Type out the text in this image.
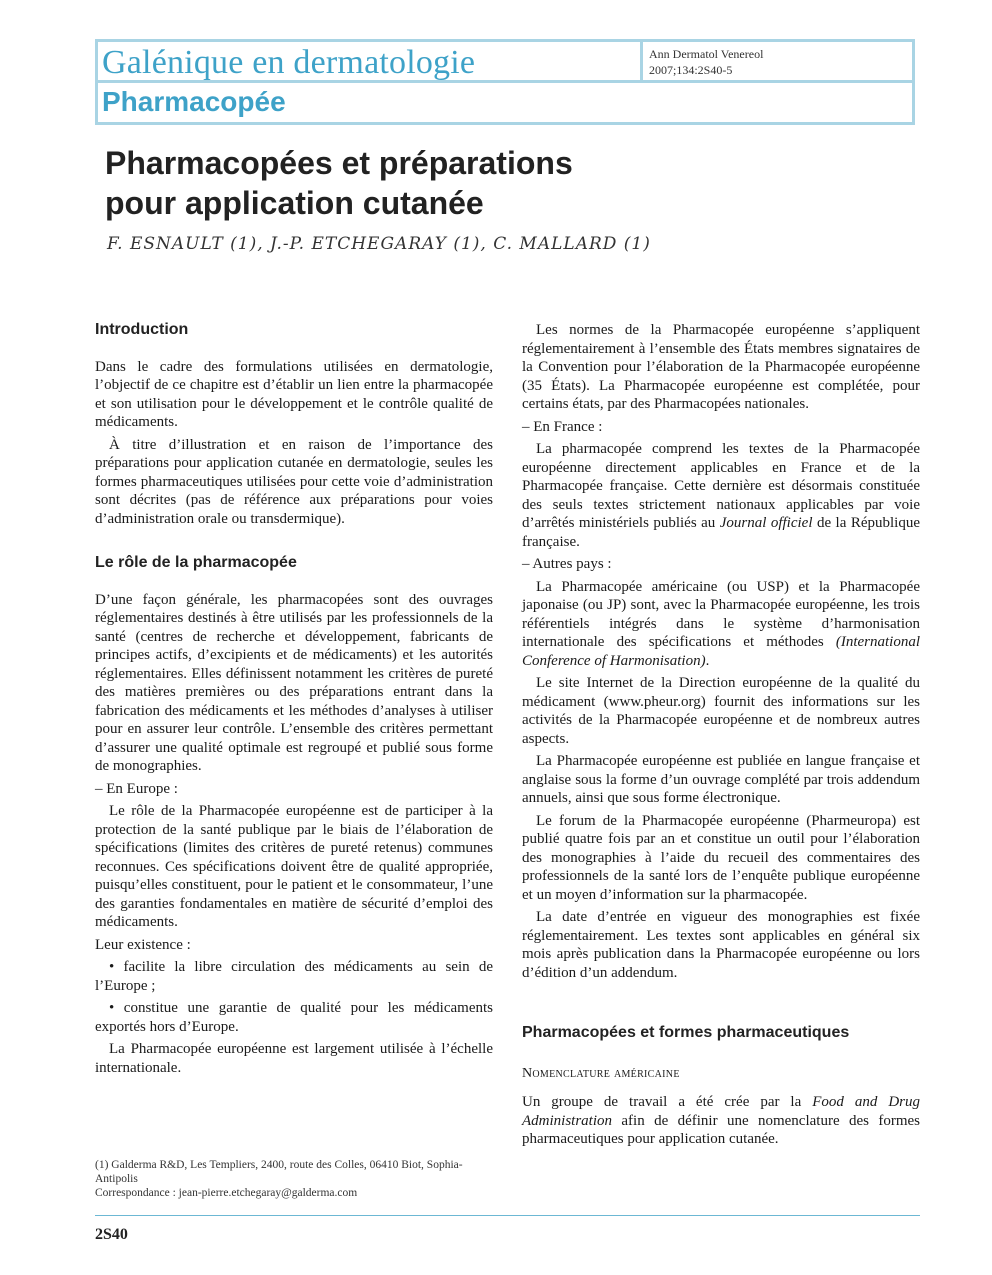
Galénique en dermatologie	Ann Dermatol Venereol
2007;134:2S40-5
Pharmacopée
Pharmacopées et préparations
pour application cutanée
F. ESNAULT (1), J.-P. ETCHEGARAY (1), C. MALLARD (1)
Introduction

Dans le cadre des formulations utilisées en dermatologie, l’objectif de ce chapitre est d’établir un lien entre la pharmacopée et son utilisation pour le développement et le contrôle qualité de médicaments.

À titre d’illustration et en raison de l’importance des préparations pour application cutanée en dermatologie, seules les formes pharmaceutiques utilisées pour cette voie d’administration sont décrites (pas de référence aux préparations pour voies d’administration orale ou transdermique).

Le rôle de la pharmacopée

D’une façon générale, les pharmacopées sont des ouvrages réglementaires destinés à être utilisés par les professionnels de la santé (centres de recherche et développement, fabricants de principes actifs, d’excipients et de médicaments) et les autorités réglementaires. Elles définissent notamment les critères de pureté des matières premières ou des préparations entrant dans la fabrication des médicaments et les méthodes d’analyses à utiliser pour en assurer leur contrôle. L’ensemble des critères permettant d’assurer une qualité optimale est regroupé et publié sous forme de monographies.

– En Europe :

Le rôle de la Pharmacopée européenne est de participer à la protection de la santé publique par le biais de l’élaboration de spécifications (limites des critères de pureté retenus) communes reconnues. Ces spécifications doivent être de qualité appropriée, puisqu’elles constituent, pour le patient et le consommateur, l’une des garanties fondamentales en matière de sécurité d’emploi des médicaments.

Leur existence :

• facilite la libre circulation des médicaments au sein de l’Europe ;

• constitue une garantie de qualité pour les médicaments exportés hors d’Europe.

La Pharmacopée européenne est largement utilisée à l’échelle internationale.

Les normes de la Pharmacopée européenne s’appliquent réglementairement à l’ensemble des États membres signataires de la Convention pour l’élaboration de la Pharmacopée européenne (35 États). La Pharmacopée européenne est complétée, pour certains états, par des Pharmacopées nationales.

– En France :

La pharmacopée comprend les textes de la Pharmacopée européenne directement applicables en France et de la Pharmacopée française. Cette dernière est désormais constituée des seuls textes strictement nationaux applicables par voie d’arrêtés ministériels publiés au Journal officiel de la République française.

– Autres pays :

La Pharmacopée américaine (ou USP) et la Pharmacopée japonaise (ou JP) sont, avec la Pharmacopée européenne, les trois référentiels intégrés dans le système d’harmonisation internationale des spécifications et méthodes (International Conference of Harmonisation).

Le site Internet de la Direction européenne de la qualité du médicament (www.pheur.org) fournit des informations sur les activités de la Pharmacopée européenne et de nombreux autres aspects.

La Pharmacopée européenne est publiée en langue française et anglaise sous la forme d’un ouvrage complété par trois addendum annuels, ainsi que sous forme électronique.

Le forum de la Pharmacopée européenne (Pharmeuropa) est publié quatre fois par an et constitue un outil pour l’élaboration des monographies à l’aide du recueil des commentaires des professionnels de la santé lors de l’enquête publique européenne et un moyen d’information sur la pharmacopée.

La date d’entrée en vigueur des monographies est fixée réglementairement. Les textes sont applicables en général six mois après publication dans la Pharmacopée européenne ou lors d’édition d’un addendum.

Pharmacopées et formes pharmaceutiques

Nomenclature américaine

Un groupe de travail a été crée par la Food and Drug Administration afin de définir une nomenclature des formes pharmaceutiques pour application cutanée.

(1) Galderma R&D, Les Templiers, 2400, route des Colles, 06410 Biot, Sophia-Antipolis
Correspondance : jean-pierre.etchegaray@galderma.com
2S40
